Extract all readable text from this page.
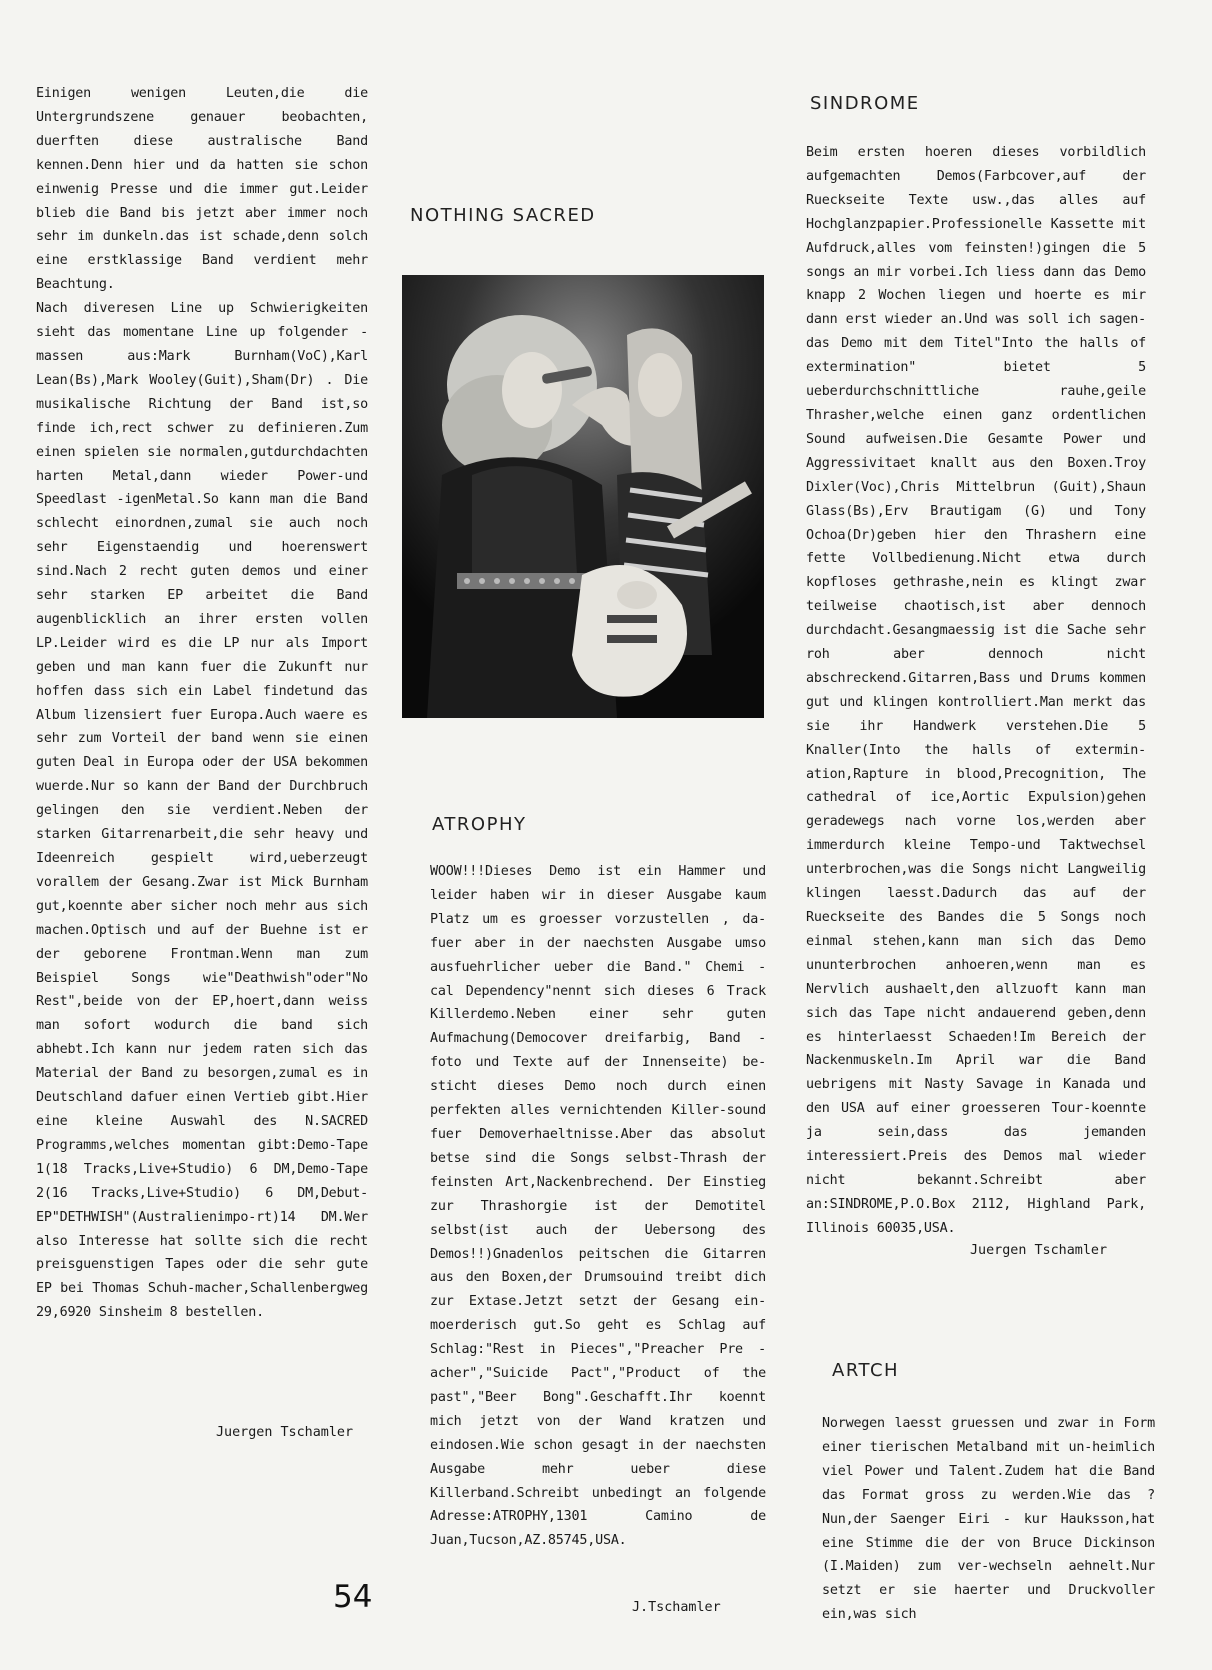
Einigen wenigen Leuten,die die Untergrundszene genauer beobachten, duerften diese australische Band kennen.Denn hier und da hatten sie schon einwenig Presse und die immer gut.Leider blieb die Band bis jetzt aber immer noch sehr im dunkeln.das ist schade,denn solch eine erstklassige Band verdient mehr Beachtung.

Nach diveresen Line up Schwierigkeiten sieht das momentane Line up folgender -massen aus:Mark Burnham(VoC),Karl Lean(Bs),Mark Wooley(Guit),Sham(Dr) . Die musikalische Richtung der Band ist,so finde ich,rect schwer zu definieren.Zum einen spielen sie normalen,gutdurchdachten harten Metal,dann wieder Power-und Speedlast -igenMetal.So kann man die Band schlecht einordnen,zumal sie auch noch sehr Eigenstaendig und hoerenswert sind.Nach 2 recht guten demos und einer sehr starken EP arbeitet die Band augenblicklich an ihrer ersten vollen LP.Leider wird es die LP nur als Import geben und man kann fuer die Zukunft nur hoffen dass sich ein Label findetund das Album lizensiert fuer Europa.Auch waere es sehr zum Vorteil der band wenn sie einen guten Deal in Europa oder der USA bekommen wuerde.Nur so kann der Band der Durchbruch gelingen den sie verdient.Neben der starken Gitarrenarbeit,die sehr heavy und Ideenreich gespielt wird,ueberzeugt vorallem der Gesang.Zwar ist Mick Burnham gut,koennte aber sicher noch mehr aus sich machen.Optisch und auf der Buehne ist er der geborene Frontman.Wenn man zum Beispiel Songs wie"Deathwish"oder"No Rest",beide von der EP,hoert,dann weiss man sofort wodurch die band sich abhebt.Ich kann nur jedem raten sich das Material der Band zu besorgen,zumal es in Deutschland dafuer einen Vertieb gibt.Hier eine kleine Auswahl des N.SACRED Programms,welches momentan gibt:Demo-Tape 1(18 Tracks,Live+Studio) 6 DM,Demo-Tape 2(16 Tracks,Live+Studio) 6 DM,Debut-EP"DETHWISH"(Australienimpo-rt)14 DM.Wer also Interesse hat sollte sich die recht preisguenstigen Tapes oder die sehr gute EP bei Thomas Schuh-macher,Schallenbergweg 29,6920 Sinsheim 8 bestellen.

Juergen Tschamler
NOTHING SACRED
ATROPHY

WOOW!!!Dieses Demo ist ein Hammer und leider haben wir in dieser Ausgabe kaum Platz um es groesser vorzustellen , da-fuer aber in der naechsten Ausgabe umso ausfuehrlicher ueber die Band." Chemi - cal Dependency"nennt sich dieses 6 Track Killerdemo.Neben einer sehr guten Aufmachung(Democover dreifarbig, Band - foto und Texte auf der Innenseite) be-sticht dieses Demo noch durch einen perfekten alles vernichtenden Killer-sound fuer Demoverhaeltnisse.Aber das absolut betse sind die Songs selbst-Thrash der feinsten Art,Nackenbrechend. Der Einstieg zur Thrashorgie ist der Demotitel selbst(ist auch der Uebersong des Demos!!)Gnadenlos peitschen die Gitarren aus den Boxen,der Drumsouind treibt dich zur Extase.Jetzt setzt der Gesang ein-moerderisch gut.So geht es Schlag auf Schlag:"Rest in Pieces","Preacher Pre -acher","Suicide Pact","Product of the past","Beer Bong".Geschafft.Ihr koennt mich jetzt von der Wand kratzen und eindosen.Wie schon gesagt in der naechsten Ausgabe mehr ueber diese Killerband.Schreibt unbedingt an folgende Adresse:ATROPHY,1301 Camino de Juan,Tucson,AZ.85745,USA.

J.Tschamler
54
SINDROME

Beim ersten hoeren dieses vorbildlich aufgemachten Demos(Farbcover,auf der Rueckseite Texte usw.,das alles auf Hochglanzpapier.Professionelle Kassette mit Aufdruck,alles vom feinsten!)gingen die 5 songs an mir vorbei.Ich liess dann das Demo knapp 2 Wochen liegen und hoerte es mir dann erst wieder an.Und was soll ich sagen-das Demo mit dem Titel"Into the halls of extermination" bietet 5 ueberdurchschnittliche rauhe,geile Thrasher,welche einen ganz ordentlichen Sound aufweisen.Die Gesamte Power und Aggressivitaet knallt aus den Boxen.Troy Dixler(Voc),Chris Mittelbrun (Guit),Shaun Glass(Bs),Erv Brautigam (G) und Tony Ochoa(Dr)geben hier den Thrashern eine fette Vollbedienung.Nicht etwa durch kopfloses gethrashe,nein es klingt zwar teilweise chaotisch,ist aber dennoch durchdacht.Gesangmaessig ist die Sache sehr roh aber dennoch nicht abschreckend.Gitarren,Bass und Drums kommen gut und klingen kontrolliert.Man merkt das sie ihr Handwerk verstehen.Die 5 Knaller(Into the halls of extermin-ation,Rapture in blood,Precognition, The cathedral of ice,Aortic Expulsion)gehen geradewegs nach vorne los,werden aber immerdurch kleine Tempo-und Taktwechsel unterbrochen,was die Songs nicht Langweilig klingen laesst.Dadurch das auf der Rueckseite des Bandes die 5 Songs noch einmal stehen,kann man sich das Demo ununterbrochen anhoeren,wenn man es Nervlich aushaelt,den allzuoft kann man sich das Tape nicht andauerend geben,denn es hinterlaesst Schaeden!Im Bereich der Nackenmuskeln.Im April war die Band uebrigens mit Nasty Savage in Kanada und den USA auf einer groesseren Tour-koennte ja sein,dass das jemanden interessiert.Preis des Demos mal wieder nicht bekannt.Schreibt aber an:SINDROME,P.O.Box 2112, Highland Park, Illinois 60035,USA.

Juergen Tschamler
ARTCH

Norwegen laesst gruessen und zwar in Form einer tierischen Metalband mit un-heimlich viel Power und Talent.Zudem hat die Band das Format gross zu werden.Wie das ? Nun,der Saenger Eiri - kur Hauksson,hat eine Stimme die der von Bruce Dickinson (I.Maiden) zum ver-wechseln aehnelt.Nur setzt er sie haerter und Druckvoller ein,was sich
